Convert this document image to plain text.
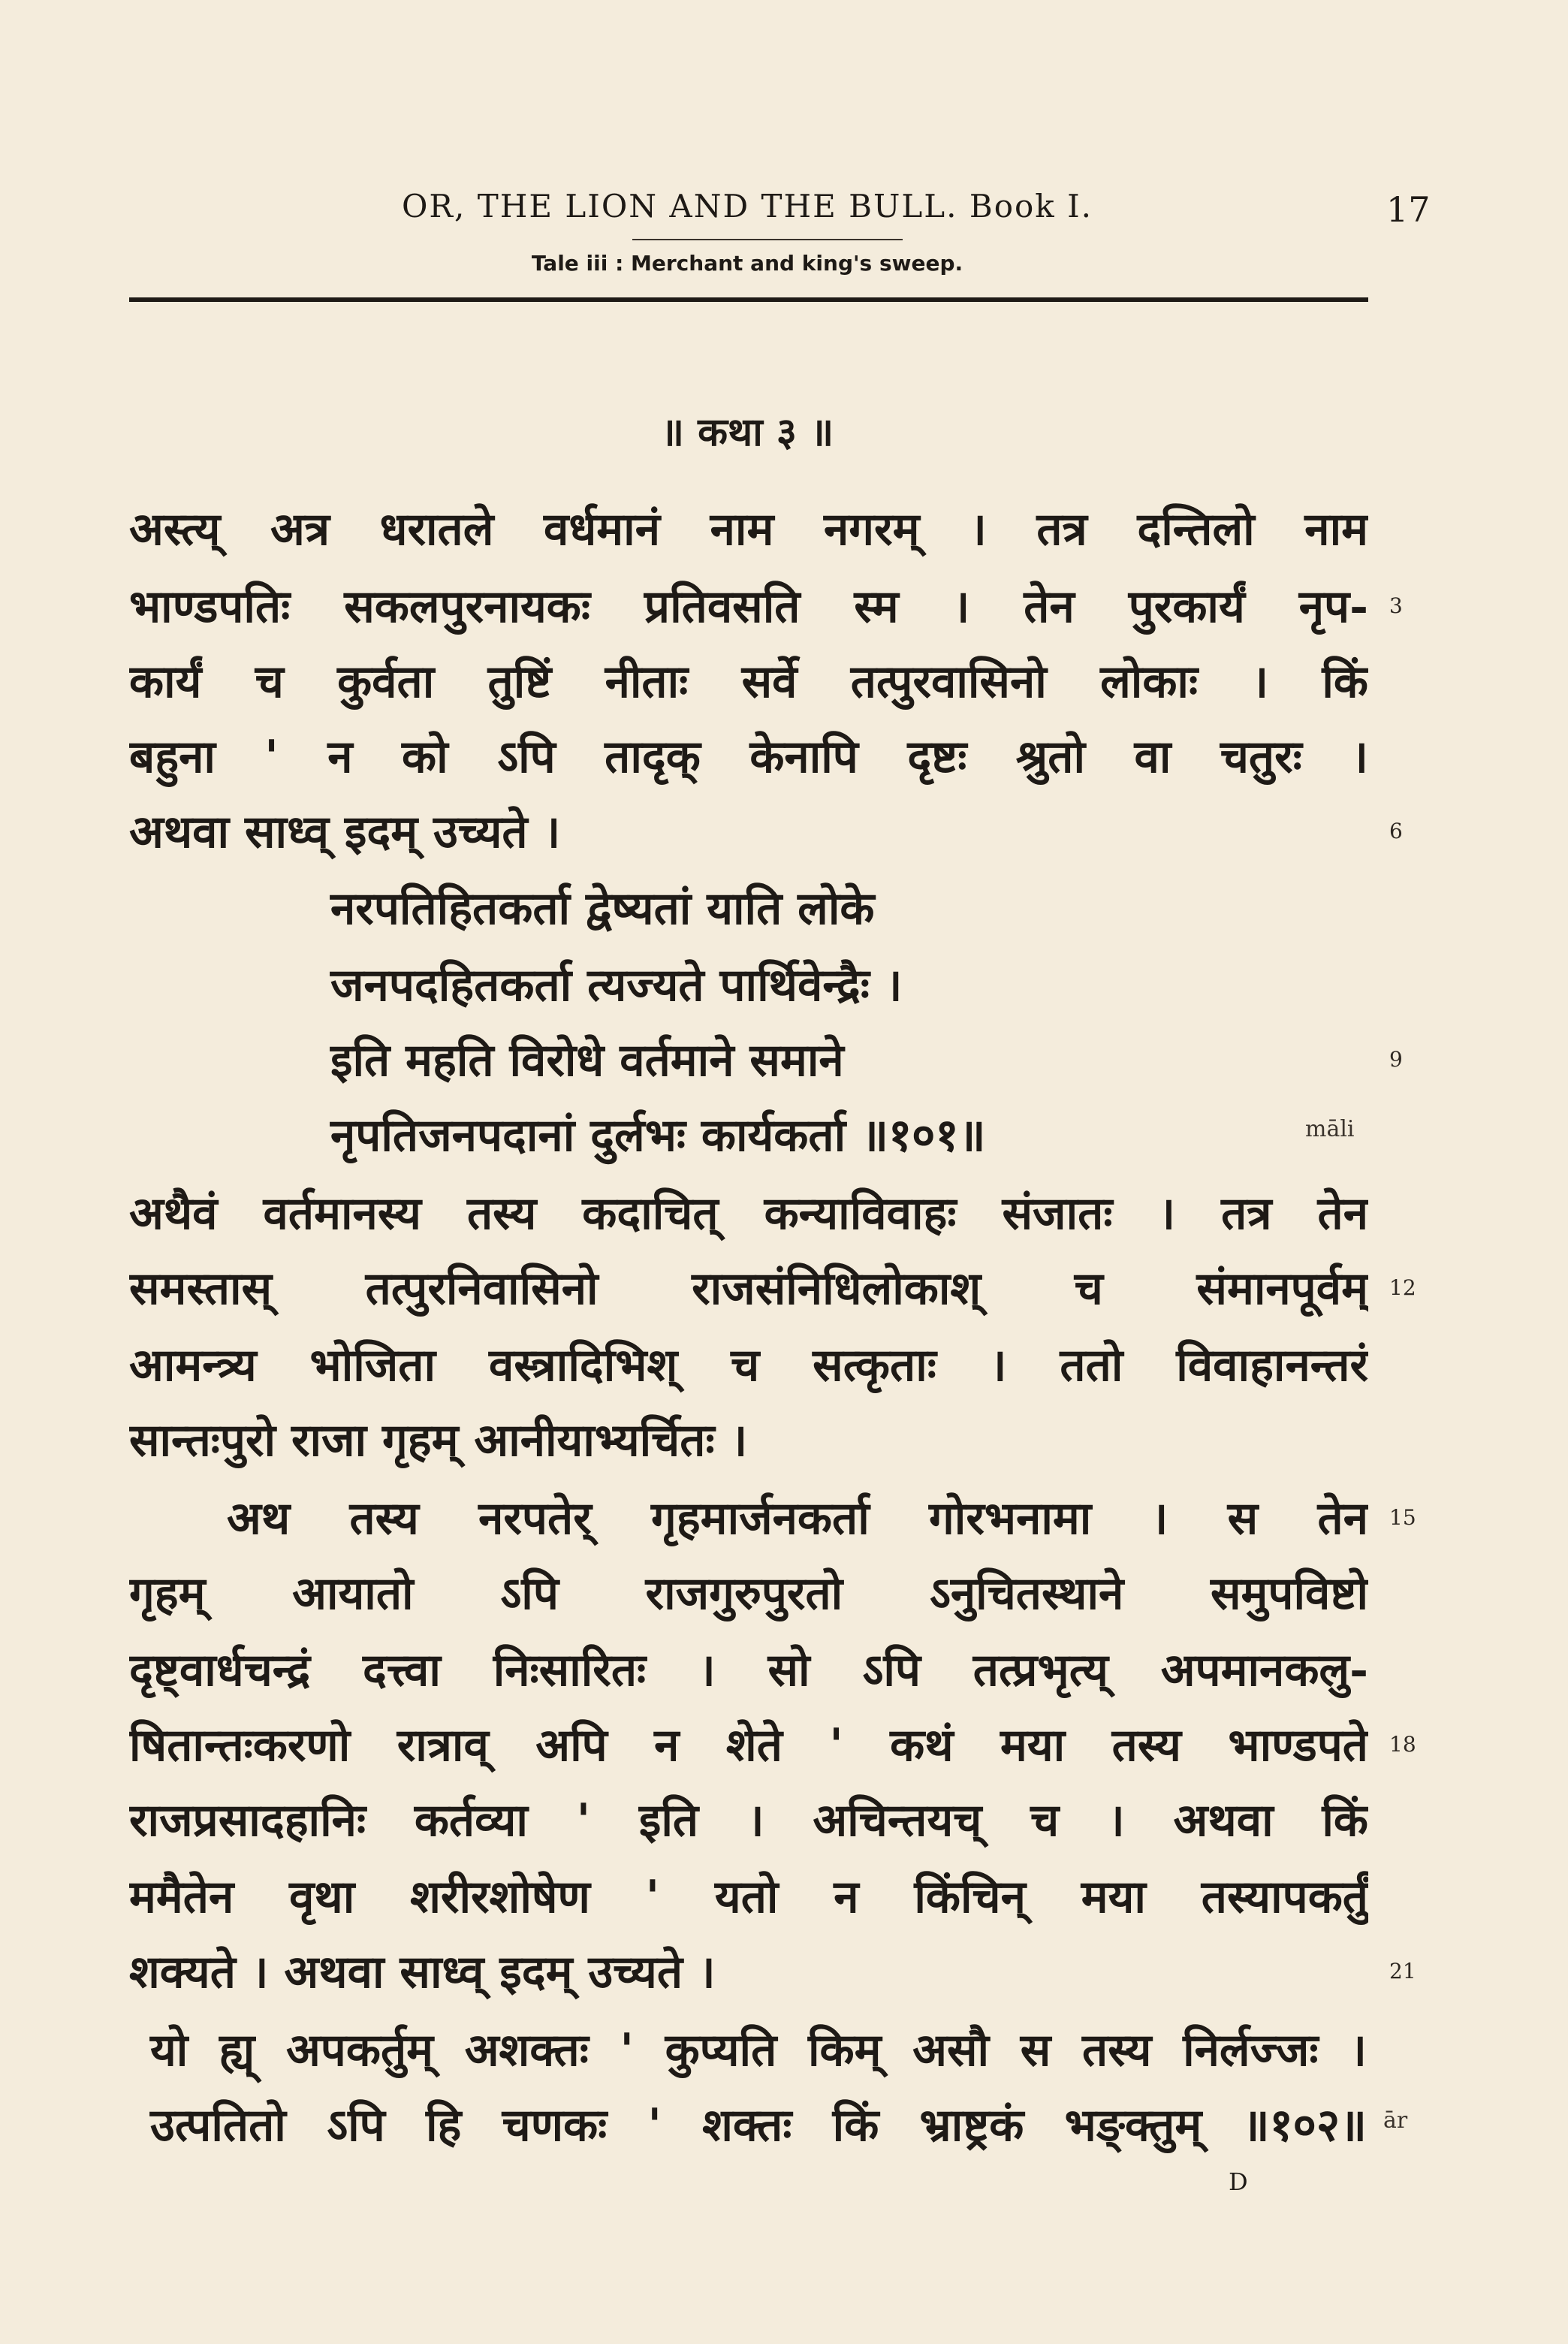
OR, THE LION AND THE BULL. Book I.	17
Tale iii : Merchant and king's sweep.
॥ कथा ३ ॥
अस्त्य् अत्र धरातले वर्धमानं नाम नगरम् । तत्र दन्तिलो नाम
भाण्डपतिः सकलपुरनायकः प्रतिवसति स्म । तेन पुरकार्यं नृप-
कार्यं च कुर्वता तुष्टिं नीताः सर्वे तत्पुरवासिनो लोकाः । किं
बहुना ' न को ऽपि तादृक् केनापि दृष्टः श्रुतो वा चतुरः ।
अथवा साध्व् इदम् उच्यते ।
नरपतिहितकर्ता द्वेष्यतां याति लोके
जनपदहितकर्ता त्यज्यते पार्थिवेन्द्रैः ।
इति महति विरोधे वर्तमाने समाने
नृपतिजनपदानां दुर्लभः कार्यकर्ता ॥१०१॥
अथैवं वर्तमानस्य तस्य कदाचित् कन्याविवाहः संजातः । तत्र तेन
समस्तास् तत्पुरनिवासिनो राजसंनिधिलोकाश् च संमानपूर्वम्
आमन्त्र्य भोजिता वस्त्रादिभिश् च सत्कृताः । ततो विवाहानन्तरं
सान्तःपुरो राजा गृहम् आनीयाभ्यर्चितः ।
अथ तस्य नरपतेर् गृहमार्जनकर्ता गोरभनामा । स तेन
गृहम् आयातो ऽपि राजगुरुपुरतो ऽनुचितस्थाने समुपविष्टो
दृष्ट्वार्धचन्द्रं दत्त्वा निःसारितः । सो ऽपि तत्प्रभृत्य् अपमानकलु-
षितान्तःकरणो रात्राव् अपि न शेते ' कथं मया तस्य भाण्डपते
राजप्रसादहानिः कर्तव्या ' इति । अचिन्तयच् च । अथवा किं
ममैतेन वृथा शरीरशोषेण ' यतो न किंचिन् मया तस्यापकर्तुं
शक्यते । अथवा साध्व् इदम् उच्यते ।
यो ह्य् अपकर्तुम् अशक्तः ' कुप्यति किम् असौ स तस्य निर्लज्जः ।
उत्पतितो ऽपि हि चणकः ' शक्तः किं भ्राष्ट्रकं भङ्क्तुम् ॥१०२॥
3
6
9
12
15
18
21
māli
ār
D
